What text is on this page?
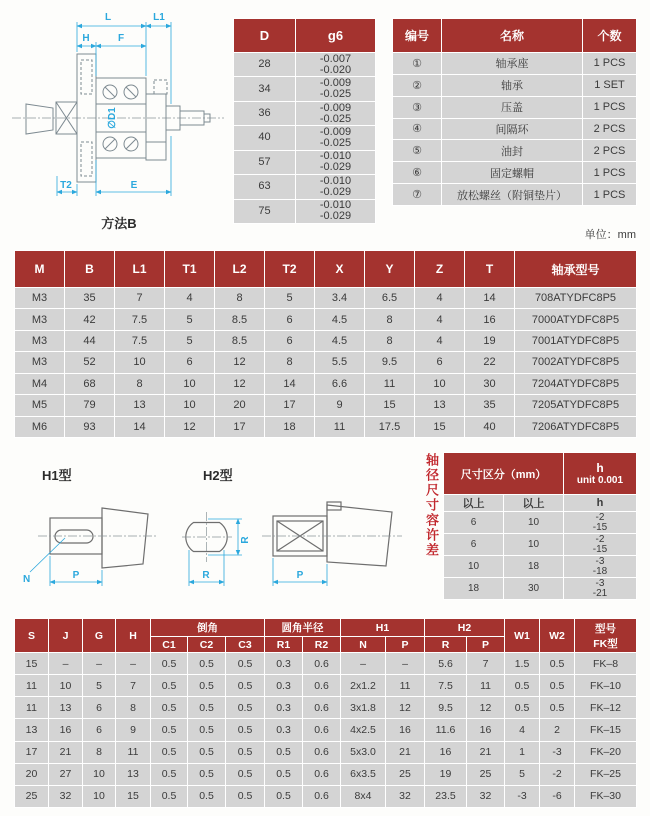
L	L1
H	F
∅D1
T2	E
方法B
D	g6
28	-0.007
-0.020
34	-0.009
-0.025
36	-0.009
-0.025
40	-0.009
-0.025
57	-0.010
-0.029
63	-0.010
-0.029
75	-0.010
-0.029
编号	名称	个数
①	轴承座	1 PCS
②	轴承	1 SET
③	压盖	1 PCS
④	间隔环	2 PCS
⑤	油封	2 PCS
⑥	固定螺帽	1 PCS
⑦	放松螺丝（附铜垫片）	1 PCS
单位：mm
M	B	L1	T1	L2	T2	X	Y	Z	T	轴承型号
M3	35	7	4	8	5	3.4	6.5	4	14	708ATYDFC8P5
M3	42	7.5	5	8.5	6	4.5	8	4	16	7000ATYDFC8P5
M3	44	7.5	5	8.5	6	4.5	8	4	19	7001ATYDFC8P5
M3	52	10	6	12	8	5.5	9.5	6	22	7002ATYDFC8P5
M4	68	8	10	12	14	6.6	11	10	30	7204ATYDFC8P5
M5	79	13	10	20	17	9	15	13	35	7205ATYDFC8P5
M6	93	14	12	17	18	11	17.5	15	40	7206ATYDFC8P5
H1型	H2型
N	P
R
R	P
轴径尺寸容许差 尺寸区分（mm）		h
unit 0.001

以上	以上	h
6	10	-2
-15
6	10	-2
-15
10	18	-3
-18
18	30	-3
-21
S	J	G	H	倒角			圆角半径		H1		H2		W1	W2	型号
FK型
				C1	C2	C3	R1	R2	N	P	R	P			
15	–	–	–	0.5	0.5	0.5	0.3	0.6	–	–	5.6	7	1.5	0.5	FK–8
11	10	5	7	0.5	0.5	0.5	0.3	0.6	2x1.2	11	7.5	11	0.5	0.5	FK–10
11	13	6	8	0.5	0.5	0.5	0.3	0.6	3x1.8	12	9.5	12	0.5	0.5	FK–12
13	16	6	9	0.5	0.5	0.5	0.3	0.6	4x2.5	16	11.6	16	4	2	FK–15
17	21	8	11	0.5	0.5	0.5	0.5	0.6	5x3.0	21	16	21	1	-3	FK–20
20	27	10	13	0.5	0.5	0.5	0.5	0.6	6x3.5	25	19	25	5	-2	FK–25
25	32	10	15	0.5	0.5	0.5	0.5	0.6	8x4	32	23.5	32	-3	-6	FK–30
